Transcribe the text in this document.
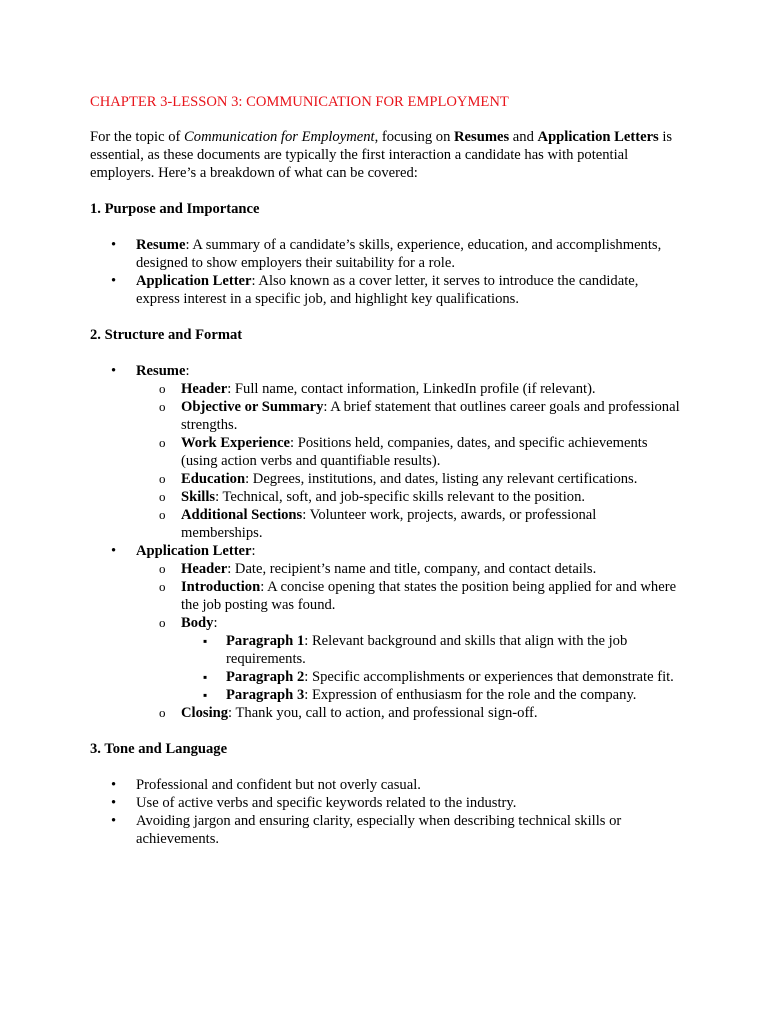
CHAPTER 3-LESSON 3: COMMUNICATION FOR EMPLOYMENT

For the topic of Communication for Employment, focusing on Resumes and Application Letters is essential, as these documents are typically the first interaction a candidate has with potential employers. Here’s a breakdown of what can be covered:

1. Purpose and Importance
• Resume: A summary of a candidate’s skills, experience, education, and accomplishments, designed to show employers their suitability for a role.
• Application Letter: Also known as a cover letter, it serves to introduce the candidate, express interest in a specific job, and highlight key qualifications.
2. Structure and Format
• Resume:
o Header: Full name, contact information, LinkedIn profile (if relevant).
o Objective or Summary: A brief statement that outlines career goals and professional strengths.
o Work Experience: Positions held, companies, dates, and specific achievements (using action verbs and quantifiable results).
o Education: Degrees, institutions, and dates, listing any relevant certifications.
o Skills: Technical, soft, and job-specific skills relevant to the position.
o Additional Sections: Volunteer work, projects, awards, or professional memberships.
• Application Letter:
o Header: Date, recipient’s name and title, company, and contact details.
o Introduction: A concise opening that states the position being applied for and where the job posting was found.
o Body:
▪ Paragraph 1: Relevant background and skills that align with the job requirements.
▪ Paragraph 2: Specific accomplishments or experiences that demonstrate fit.
▪ Paragraph 3: Expression of enthusiasm for the role and the company.
o Closing: Thank you, call to action, and professional sign-off.
3. Tone and Language
• Professional and confident but not overly casual.
• Use of active verbs and specific keywords related to the industry.
• Avoiding jargon and ensuring clarity, especially when describing technical skills or achievements.
